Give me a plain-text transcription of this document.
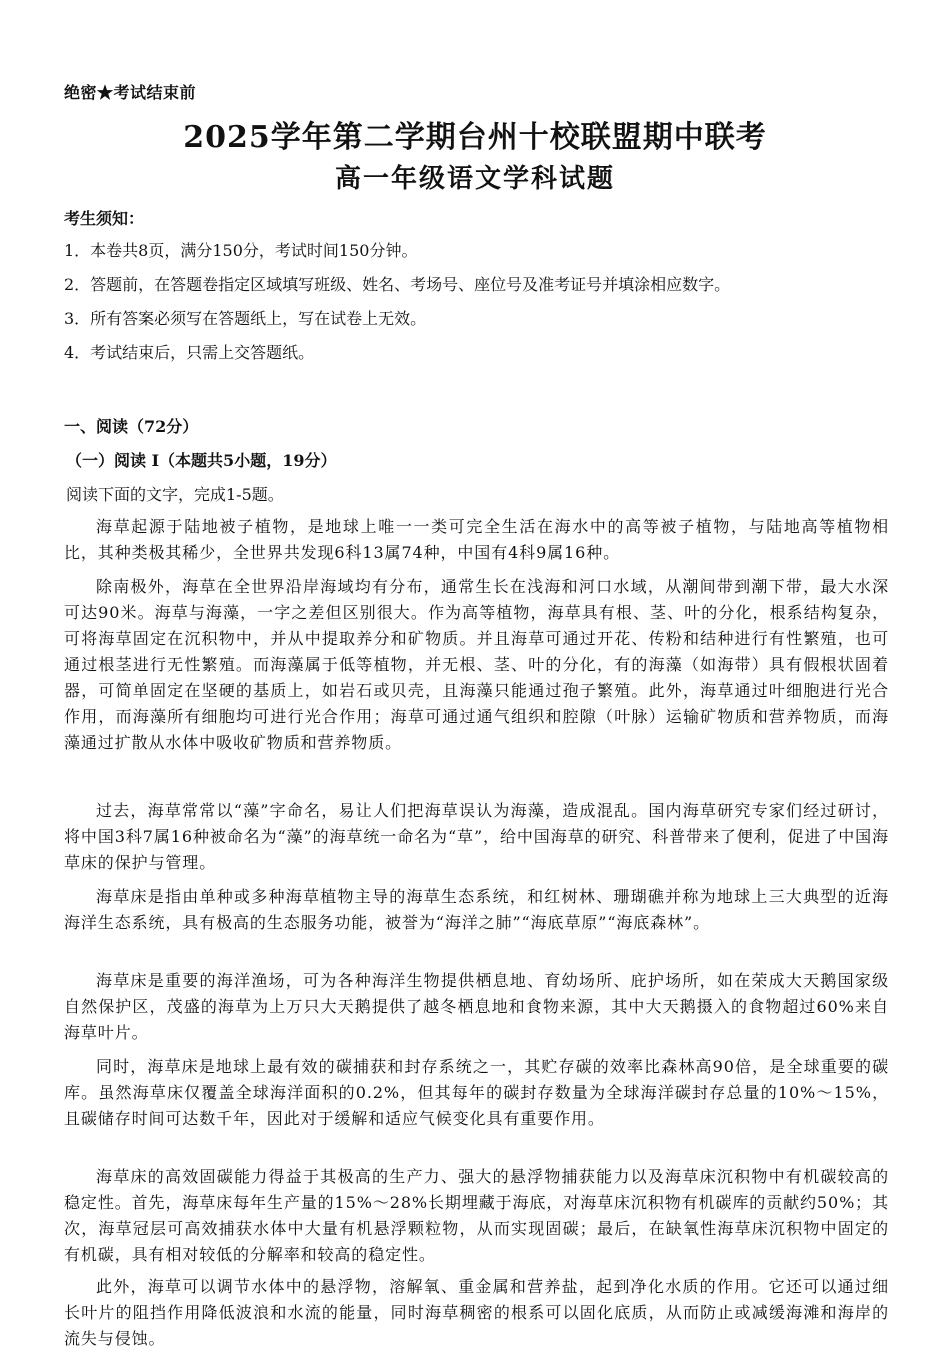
绝密★考试结束前
2025学年第二学期台州十校联盟期中联考
高一年级语文学科试题
考生须知：
1．本卷共8页，满分150分，考试时间150分钟。
2．答题前，在答题卷指定区域填写班级、姓名、考场号、座位号及准考证号并填涂相应数字。
3．所有答案必须写在答题纸上，写在试卷上无效。
4．考试结束后，只需上交答题纸。
一、阅读（72分）
（一）阅读 I（本题共5小题，19分）
阅读下面的文字，完成1-5题。

海草起源于陆地被子植物，是地球上唯一一类可完全生活在海水中的高等被子植物，与陆地高等植物相比，其种类极其稀少，全世界共发现6科13属74种，中国有4科9属16种。

除南极外，海草在全世界沿岸海域均有分布，通常生长在浅海和河口水域，从潮间带到潮下带，最大水深可达90米。海草与海藻，一字之差但区别很大。作为高等植物，海草具有根、茎、叶的分化，根系结构复杂，可将海草固定在沉积物中，并从中提取养分和矿物质。并且海草可通过开花、传粉和结种进行有性繁殖，也可通过根茎进行无性繁殖。而海藻属于低等植物，并无根、茎、叶的分化，有的海藻（如海带）具有假根状固着器，可简单固定在坚硬的基质上，如岩石或贝壳，且海藻只能通过孢子繁殖。此外，海草通过叶细胞进行光合作用，而海藻所有细胞均可进行光合作用；海草可通过通气组织和腔隙（叶脉）运输矿物质和营养物质，而海藻通过扩散从水体中吸收矿物质和营养物质。

过去，海草常常以“藻”字命名，易让人们把海草误认为海藻，造成混乱。国内海草研究专家们经过研讨，将中国3科7属16种被命名为“藻”的海草统一命名为“草”，给中国海草的研究、科普带来了便利，促进了中国海草床的保护与管理。

海草床是指由单种或多种海草植物主导的海草生态系统，和红树林、珊瑚礁并称为地球上三大典型的近海海洋生态系统，具有极高的生态服务功能，被誉为“海洋之肺”“海底草原”“海底森林”。

海草床是重要的海洋渔场，可为各种海洋生物提供栖息地、育幼场所、庇护场所，如在荣成大天鹅国家级自然保护区，茂盛的海草为上万只大天鹅提供了越冬栖息地和食物来源，其中大天鹅摄入的食物超过60%来自海草叶片。

同时，海草床是地球上最有效的碳捕获和封存系统之一，其贮存碳的效率比森林高90倍，是全球重要的碳库。虽然海草床仅覆盖全球海洋面积的0.2%，但其每年的碳封存数量为全球海洋碳封存总量的10%～15%，且碳储存时间可达数千年，因此对于缓解和适应气候变化具有重要作用。

海草床的高效固碳能力得益于其极高的生产力、强大的悬浮物捕获能力以及海草床沉积物中有机碳较高的稳定性。首先，海草床每年生产量的15%～28%长期埋藏于海底，对海草床沉积物有机碳库的贡献约50%；其次，海草冠层可高效捕获水体中大量有机悬浮颗粒物，从而实现固碳；最后，在缺氧性海草床沉积物中固定的有机碳，具有相对较低的分解率和较高的稳定性。

此外，海草可以调节水体中的悬浮物，溶解氧、重金属和营养盐，起到净化水质的作用。它还可以通过细长叶片的阻挡作用降低波浪和水流的能量，同时海草稠密的根系可以固化底质，从而防止或减缓海滩和海岸的流失与侵蚀。
